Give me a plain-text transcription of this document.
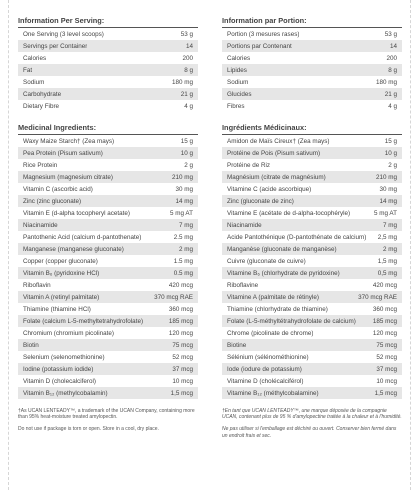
Information Per Serving:
One Serving (3 level scoops)	53 g
Servings per Container	14
Calories	200
Fat	8 g
Sodium	180 mg
Carbohydrate	21 g
Dietary Fibre	4 g
Medicinal Ingredients:
Waxy Maize Starch† (Zea mays)	15 g
Pea Protein (Pisum sativum)	10 g
Rice Protein	2 g
Magnesium (magnesium citrate)	210 mg
Vitamin C (ascorbic acid)	30 mg
Zinc (zinc gluconate)	14 mg
Vitamin E (d-alpha tocopheryl acetate)	5 mg AT
Niacinamide	7 mg
Pantothenic Acid (calcium d-pantothenate)	2.5 mg
Manganese (manganese gluconate)	2 mg
Copper (copper gluconate)	1.5 mg
Vitamin B₆ (pyridoxine HCl)	0.5 mg
Riboflavin	420 mcg
Vitamin A (retinyl palmitate)	370 mcg RAE
Thiamine (thiamine HCl)	360 mcg
Folate (calcium L-5-methyltetrahydrofolate)	185 mcg
Chromium (chromium picolinate)	120 mcg
Biotin	75 mcg
Selenium (selenomethionine)	52 mcg
Iodine (potassium iodide)	37 mcg
Vitamin D (cholecalciferol)	10 mcg
Vitamin B₁₂ (methylcobalamin)	1,5 mcg

†As UCAN LENTEADY™, a trademark of the UCAN Company, containing more than 95% heat-moisture treated amylopectin.

Do not use if package is torn or open. Store in a cool, dry place.

Information par Portion:
Portion (3 mesures rases)	53 g
Portions par Contenant	14
Calories	200
Lipides	8 g
Sodium	180 mg
Glucides	21 g
Fibres	4 g
Ingrédients Médicinaux:
Amidon de Maïs Cireux† (Zea mays)	15 g
Protéine de Pois (Pisum sativum)	10 g
Protéine de Riz	2 g
Magnésium (citrate de magnésium)	210 mg
Vitamine C (acide ascorbique)	30 mg
Zinc (gluconate de zinc)	14 mg
Vitamine E (acétate de d-alpha-tocophéryle)	5 mg AT
Niacinamide	7 mg
Acide Pantothénique (D-pantothénate de calcium) 2,5 mg
Manganèse (gluconate de manganèse)	2 mg
Cuivre (gluconate de cuivre)	1,5 mg
Vitamine B₆ (chlorhydrate de pyridoxine)	0,5 mg
Riboflavine	420 mcg
Vitamine A (palmitate de rétinyle)	370 mcg RAE
Thiamine (chlorhydrate de thiamine)	360 mcg
Folate (L-5-méthyltétrahydrofolate de calcium)	185 mcg
Chrome (picolinate de chrome)	120 mcg
Biotine	75 mcg
Sélénium (sélénométhionine)	52 mcg
Iode (iodure de potassium)	37 mcg
Vitamine D (cholécalciférol)	10 mcg
Vitamine B₁₂ (méthylcobalamine)	1,5 mcg

†En tant que UCAN LENTEADY™, une marque déposée de la compagnie UCAN, contenant plus de 95 % d'amylopectine traitée à la chaleur et à l'humidité.

Ne pas utiliser si l'emballage est déchiré ou ouvert. Conserver bien fermé dans un endroit frais et sec.
